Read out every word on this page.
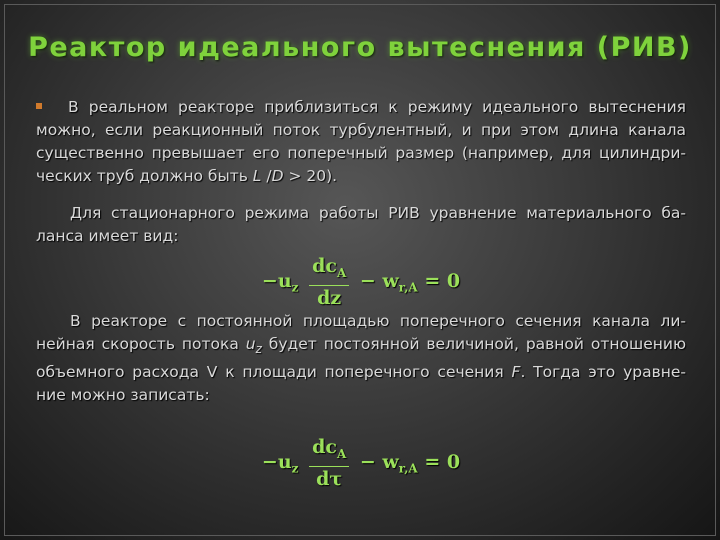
Реактор идеального вытеснения (РИВ)

В реальном реакторе приблизиться к режиму идеального вытеснения можно, если реакционный поток турбулентный, и при этом длина канала существенно превышает его поперечный размер (например, для цилиндри-ческих труб должно быть L /D > 20).

Для стационарного режима работы РИВ уравнение материального ба-ланса имеет вид:

$-u_z \frac{dc_A}{dz} - w_{r,A} = 0$

В реакторе с постоянной площадью поперечного сечения канала ли-нейная скорость потока $u_z$ будет постоянной величиной, равной отношению объемного расхода V к площади поперечного сечения F. Тогда это уравне-ние можно записать:

$-u_z \frac{dc_A}{d\tau} - w_{r,A} = 0$
